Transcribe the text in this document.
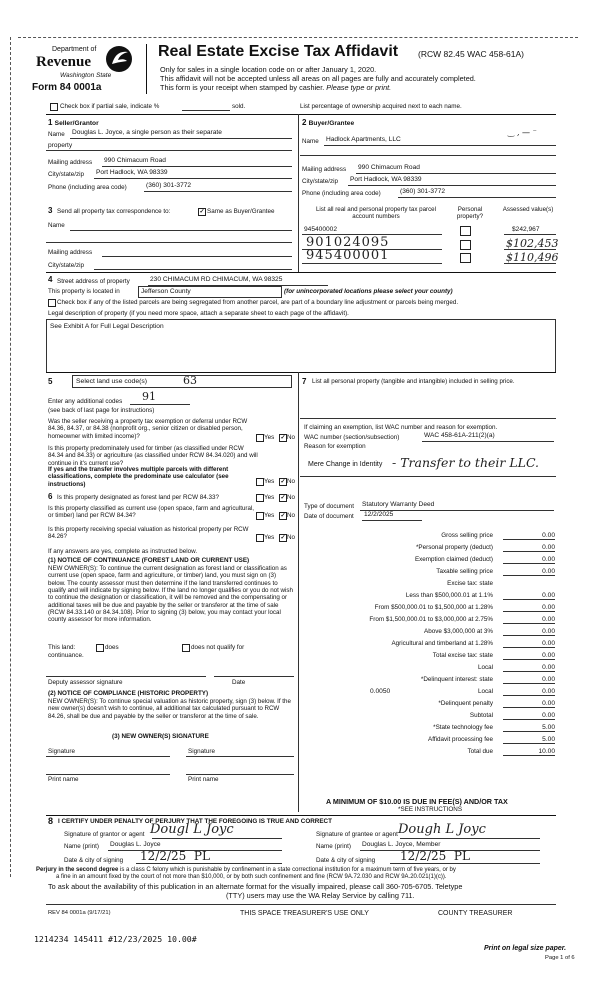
Department of
Revenue
Washington State
Form 84 0001a
Real Estate Excise Tax Affidavit (RCW 82.45 WAC 458-61A)
Only for sales in a single location code on or after January 1, 2020.
This affidavit will not be accepted unless all areas on all pages are fully and accurately completed.
This form is your receipt when stamped by cashier. Please type or print.
Check box if partial sale, indicate %	sold.	List percentage of ownership acquired next to each name.
1 Seller/Grantor
Name Douglas L. Joyce, a single person as their separate
property
Mailing address 990 Chimacum Road
City/state/zip Port Hadlock, WA 98339
Phone (including area code)	(360) 301-3772
2 Buyer/Grantee
‿ , — ⁻
Name Hadlock Apartments, LLC
Mailing address 990 Chimacum Road
City/state/zip Port Hadlock, WA 98339
Phone (including area code)	(360) 301-3772
List all real and personal property tax parcel account numbers
Personal property?
Assessed value(s)
945400002	$242,967
901024095	$102,453
945400001	$110,496
3 Send all property tax correspondence to:	✓ Same as Buyer/Grantee
Name
Mailing address
City/state/zip
4 Street address of property	230 CHIMACUM RD CHIMACUM, WA 98325
This property is located in	Jefferson County	(for unincorporated locations please select your county)
Check box if any of the listed parcels are being segregated from another parcel, are part of a boundary line adjustment or parcels being merged.
Legal description of property (if you need more space, attach a separate sheet to each page of the affidavit).
See Exhibit A for Full Legal Description
5	Select land use code(s)	63
Enter any additional codes 91
(see back of last page for instructions)
Was the seller receiving a property tax exemption or deferral under RCW 84.36, 84.37, or 84.38 (nonprofit org., senior citizen or disabled person, homeowner with limited income)?	Yes ✓ No
Is this property predominately used for timber (as classified under RCW 84.34 and 84.33) or agriculture (as classified under RCW 84.34.020) and will continue in it's current use?
If yes and the transfer involves multiple parcels with different classifications, complete the predominate use calculator (see instructions)	Yes ✓ No
6 Is this property designated as forest land per RCW 84.33?	Yes ✓ No
Is this property classified as current use (open space, farm and agricultural, or timber) land per RCW 84.34?	Yes ✓ No
Is this property receiving special valuation as historical property per RCW 84.26?	Yes ✓ No
If any answers are yes, complete as instructed below.
(1) NOTICE OF CONTINUANCE (FOREST LAND OR CURRENT USE)
NEW OWNER(S): To continue the current designation as forest land or classification as current use (open space, farm and agriculture, or timber) land, you must sign on (3) below. The county assessor must then determine if the land transferred continues to qualify and will indicate by signing below. If the land no longer qualifies or you do not wish to continue the designation or classification, it will be removed and the compensating or additional taxes will be due and payable by the seller or transferor at the time of sale (RCW 84.33.140 or 84.34.108). Prior to signing (3) below, you may contact your local county assessor for more information.
This land:	does	does not qualify for
continuance.
Deputy assessor signature	Date
(2) NOTICE OF COMPLIANCE (HISTORIC PROPERTY)
NEW OWNER(S): To continue special valuation as historic property, sign (3) below. If the new owner(s) doesn't wish to continue, all additional tax calculated pursuant to RCW 84.26, shall be due and payable by the seller or transferor at the time of sale.
(3) NEW OWNER(S) SIGNATURE
Signature	Signature
Print name	Print name
7 List all personal property (tangible and intangible) included in selling price.
If claiming an exemption, list WAC number and reason for exemption.
WAC number (section/subsection)	WAC 458-61A-211(2)(a)
Reason for exemption
Mere Change in Identity - Transfer to their LLC.
Type of document Statutory Warranty Deed
Date of document 12/2/2025
Gross selling price	0.00
*Personal property (deduct)	0.00
Exemption claimed (deduct)	0.00
Taxable selling price	0.00
Excise tax: state
Less than $500,000.01 at 1.1%	0.00
From $500,000.01 to $1,500,000 at 1.28%	0.00
From $1,500,000.01 to $3,000,000 at 2.75%	0.00
Above $3,000,000 at 3%	0.00
Agricultural and timberland at 1.28%	0.00
Total excise tax: state	0.00
Local	0.00
*Delinquent interest: state	0.00
Local	0.00
*Delinquent penalty	0.00
Subtotal	0.00
*State technology fee	5.00
Affidavit processing fee	5.00
Total due	10.00
0.0050
A MINIMUM OF $10.00 IS DUE IN FEE(S) AND/OR TAX
*SEE INSTRUCTIONS
8 I CERTIFY UNDER PENALTY OF PERJURY THAT THE FOREGOING IS TRUE AND CORRECT
Signature of grantor or agent Dougl L Joyc
Name (print) Douglas L. Joyce
Date & city of signing 12/2/25  PL
Signature of grantee or agent Dough L Joyc
Name (print) Douglas L. Joyce, Member
Date & city of signing 12/2/25  PL
Perjury in the second degree is a class C felony which is punishable by confinement in a state correctional institution for a maximum term of five years, or by
a fine in an amount fixed by the court of not more than $10,000, or by both such confinement and fine (RCW 9A.72.030 and RCW 9A.20.021(1)(c)).
To ask about the availability of this publication in an alternate format for the visually impaired, please call 360-705-6705. Teletype
(TTY) users may use the WA Relay Service by calling 711.
REV 84 0001a (9/17/21)	THIS SPACE TREASURER'S USE ONLY	COUNTY TREASURER
1214234 145411 #12/23/2025 10.00#
Print on legal size paper.
Page 1 of 6
